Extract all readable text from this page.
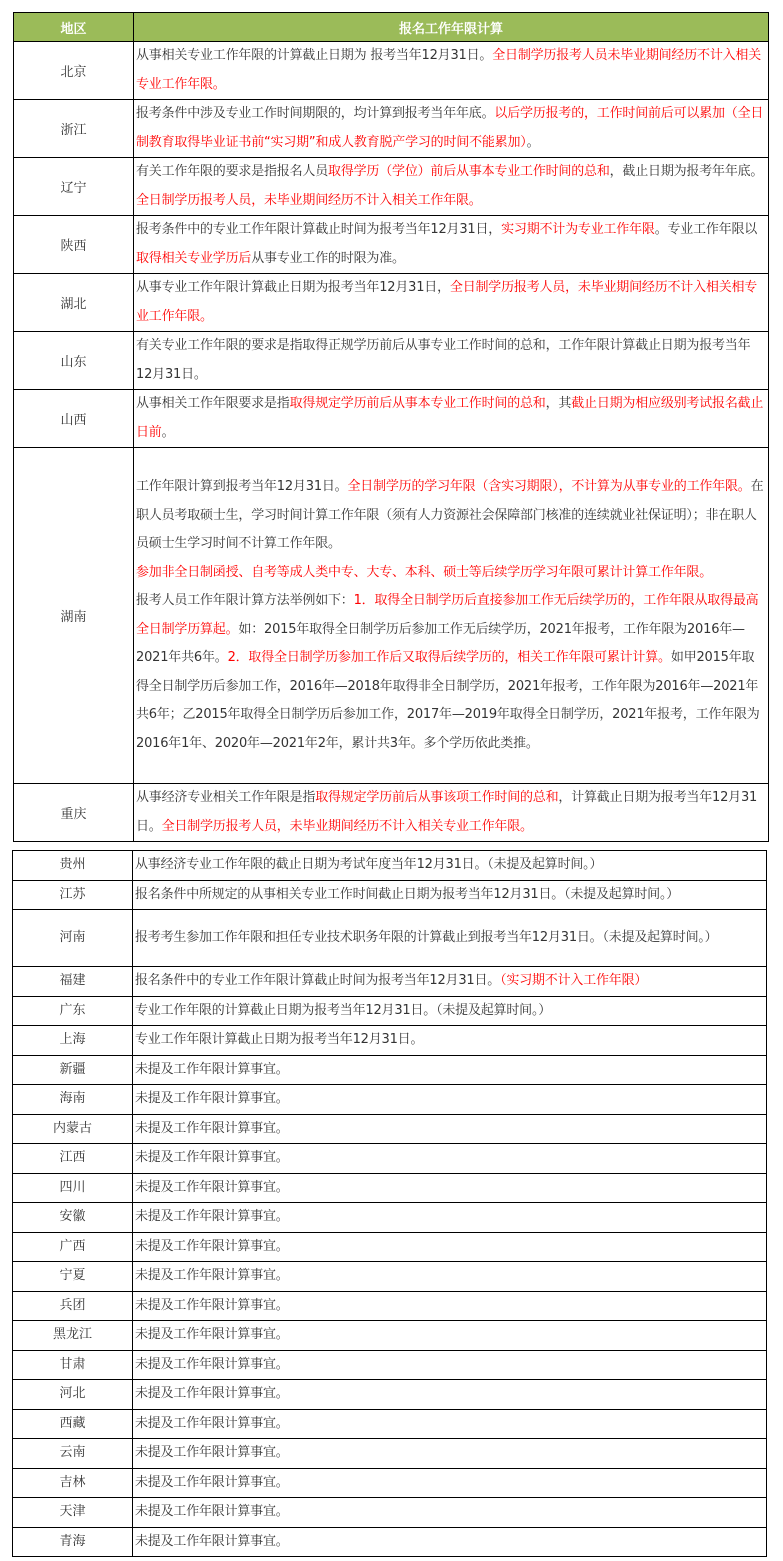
地区	报名工作年限计算
北京	从事相关专业工作年限的计算截止日期为 报考当年12月31日。全日制学历报考人员未毕业期间经历不计入相关专业工作年限。
浙江	报考条件中涉及专业工作时间期限的，均计算到报考当年年底。以后学历报考的，工作时间前后可以累加（全日制教育取得毕业证书前“实习期”和成人教育脱产学习的时间不能累加）。
辽宁	有关工作年限的要求是指报名人员取得学历（学位）前后从事本专业工作时间的总和，截止日期为报考年年底。全日制学历报考人员，未毕业期间经历不计入相关工作年限。
陕西	报考条件中的专业工作年限计算截止时间为报考当年12月31日，实习期不计为专业工作年限。专业工作年限以取得相关专业学历后从事专业工作的时限为准。
湖北	从事专业工作年限计算截止日期为报考当年12月31日，全日制学历报考人员，未毕业期间经历不计入相关相专业工作年限。
山东	有关专业工作年限的要求是指取得正规学历前后从事专业工作时间的总和，工作年限计算截止日期为报考当年12月31日。
山西	从事相关工作年限要求是指取得规定学历前后从事本专业工作时间的总和，其截止日期为相应级别考试报名截止日前。
湖南	工作年限计算到报考当年12月31日。全日制学历的学习年限（含实习期限），不计算为从事专业的工作年限。在职人员考取硕士生，学习时间计算工作年限（须有人力资源社会保障部门核准的连续就业社保证明）；非在职人员硕士生学习时间不计算工作年限。
参加非全日制函授、自考等成人类中专、大专、本科、硕士等后续学历学习年限可累计计算工作年限。
报考人员工作年限计算方法举例如下：1．取得全日制学历后直接参加工作无后续学历的，工作年限从取得最高全日制学历算起。如：2015年取得全日制学历后参加工作无后续学历，2021年报考，工作年限为2016年—2021年共6年。2．取得全日制学历参加工作后又取得后续学历的，相关工作年限可累计计算。如甲2015年取得全日制学历后参加工作，2016年—2018年取得非全日制学历，2021年报考，工作年限为2016年—2021年共6年；乙2015年取得全日制学历后参加工作，2017年—2019年取得全日制学历，2021年报考，工作年限为2016年1年、2020年—2021年2年，累计共3年。多个学历依此类推。
重庆	从事经济专业相关工作年限是指取得规定学历前后从事该项工作时间的总和，计算截止日期为报考当年12月31日。全日制学历报考人员，未毕业期间经历不计入相关专业工作年限。
贵州	从事经济专业工作年限的截止日期为考试年度当年12月31日。（未提及起算时间。）
江苏	报名条件中所规定的从事相关专业工作时间截止日期为报考当年12月31日。（未提及起算时间。）
河南	报考考生参加工作年限和担任专业技术职务年限的计算截止到报考当年12月31日。（未提及起算时间。）
福建	报名条件中的专业工作年限计算截止时间为报考当年12月31日。（实习期不计入工作年限）
广东	专业工作年限的计算截止日期为报考当年12月31日。（未提及起算时间。）
上海	专业工作年限计算截止日期为报考当年12月31日。
新疆	未提及工作年限计算事宜。
海南	未提及工作年限计算事宜。
内蒙古	未提及工作年限计算事宜。
江西	未提及工作年限计算事宜。
四川	未提及工作年限计算事宜。
安徽	未提及工作年限计算事宜。
广西	未提及工作年限计算事宜。
宁夏	未提及工作年限计算事宜。
兵团	未提及工作年限计算事宜。
黑龙江	未提及工作年限计算事宜。
甘肃	未提及工作年限计算事宜。
河北	未提及工作年限计算事宜。
西藏	未提及工作年限计算事宜。
云南	未提及工作年限计算事宜。
吉林	未提及工作年限计算事宜。
天津	未提及工作年限计算事宜。
青海	未提及工作年限计算事宜。
